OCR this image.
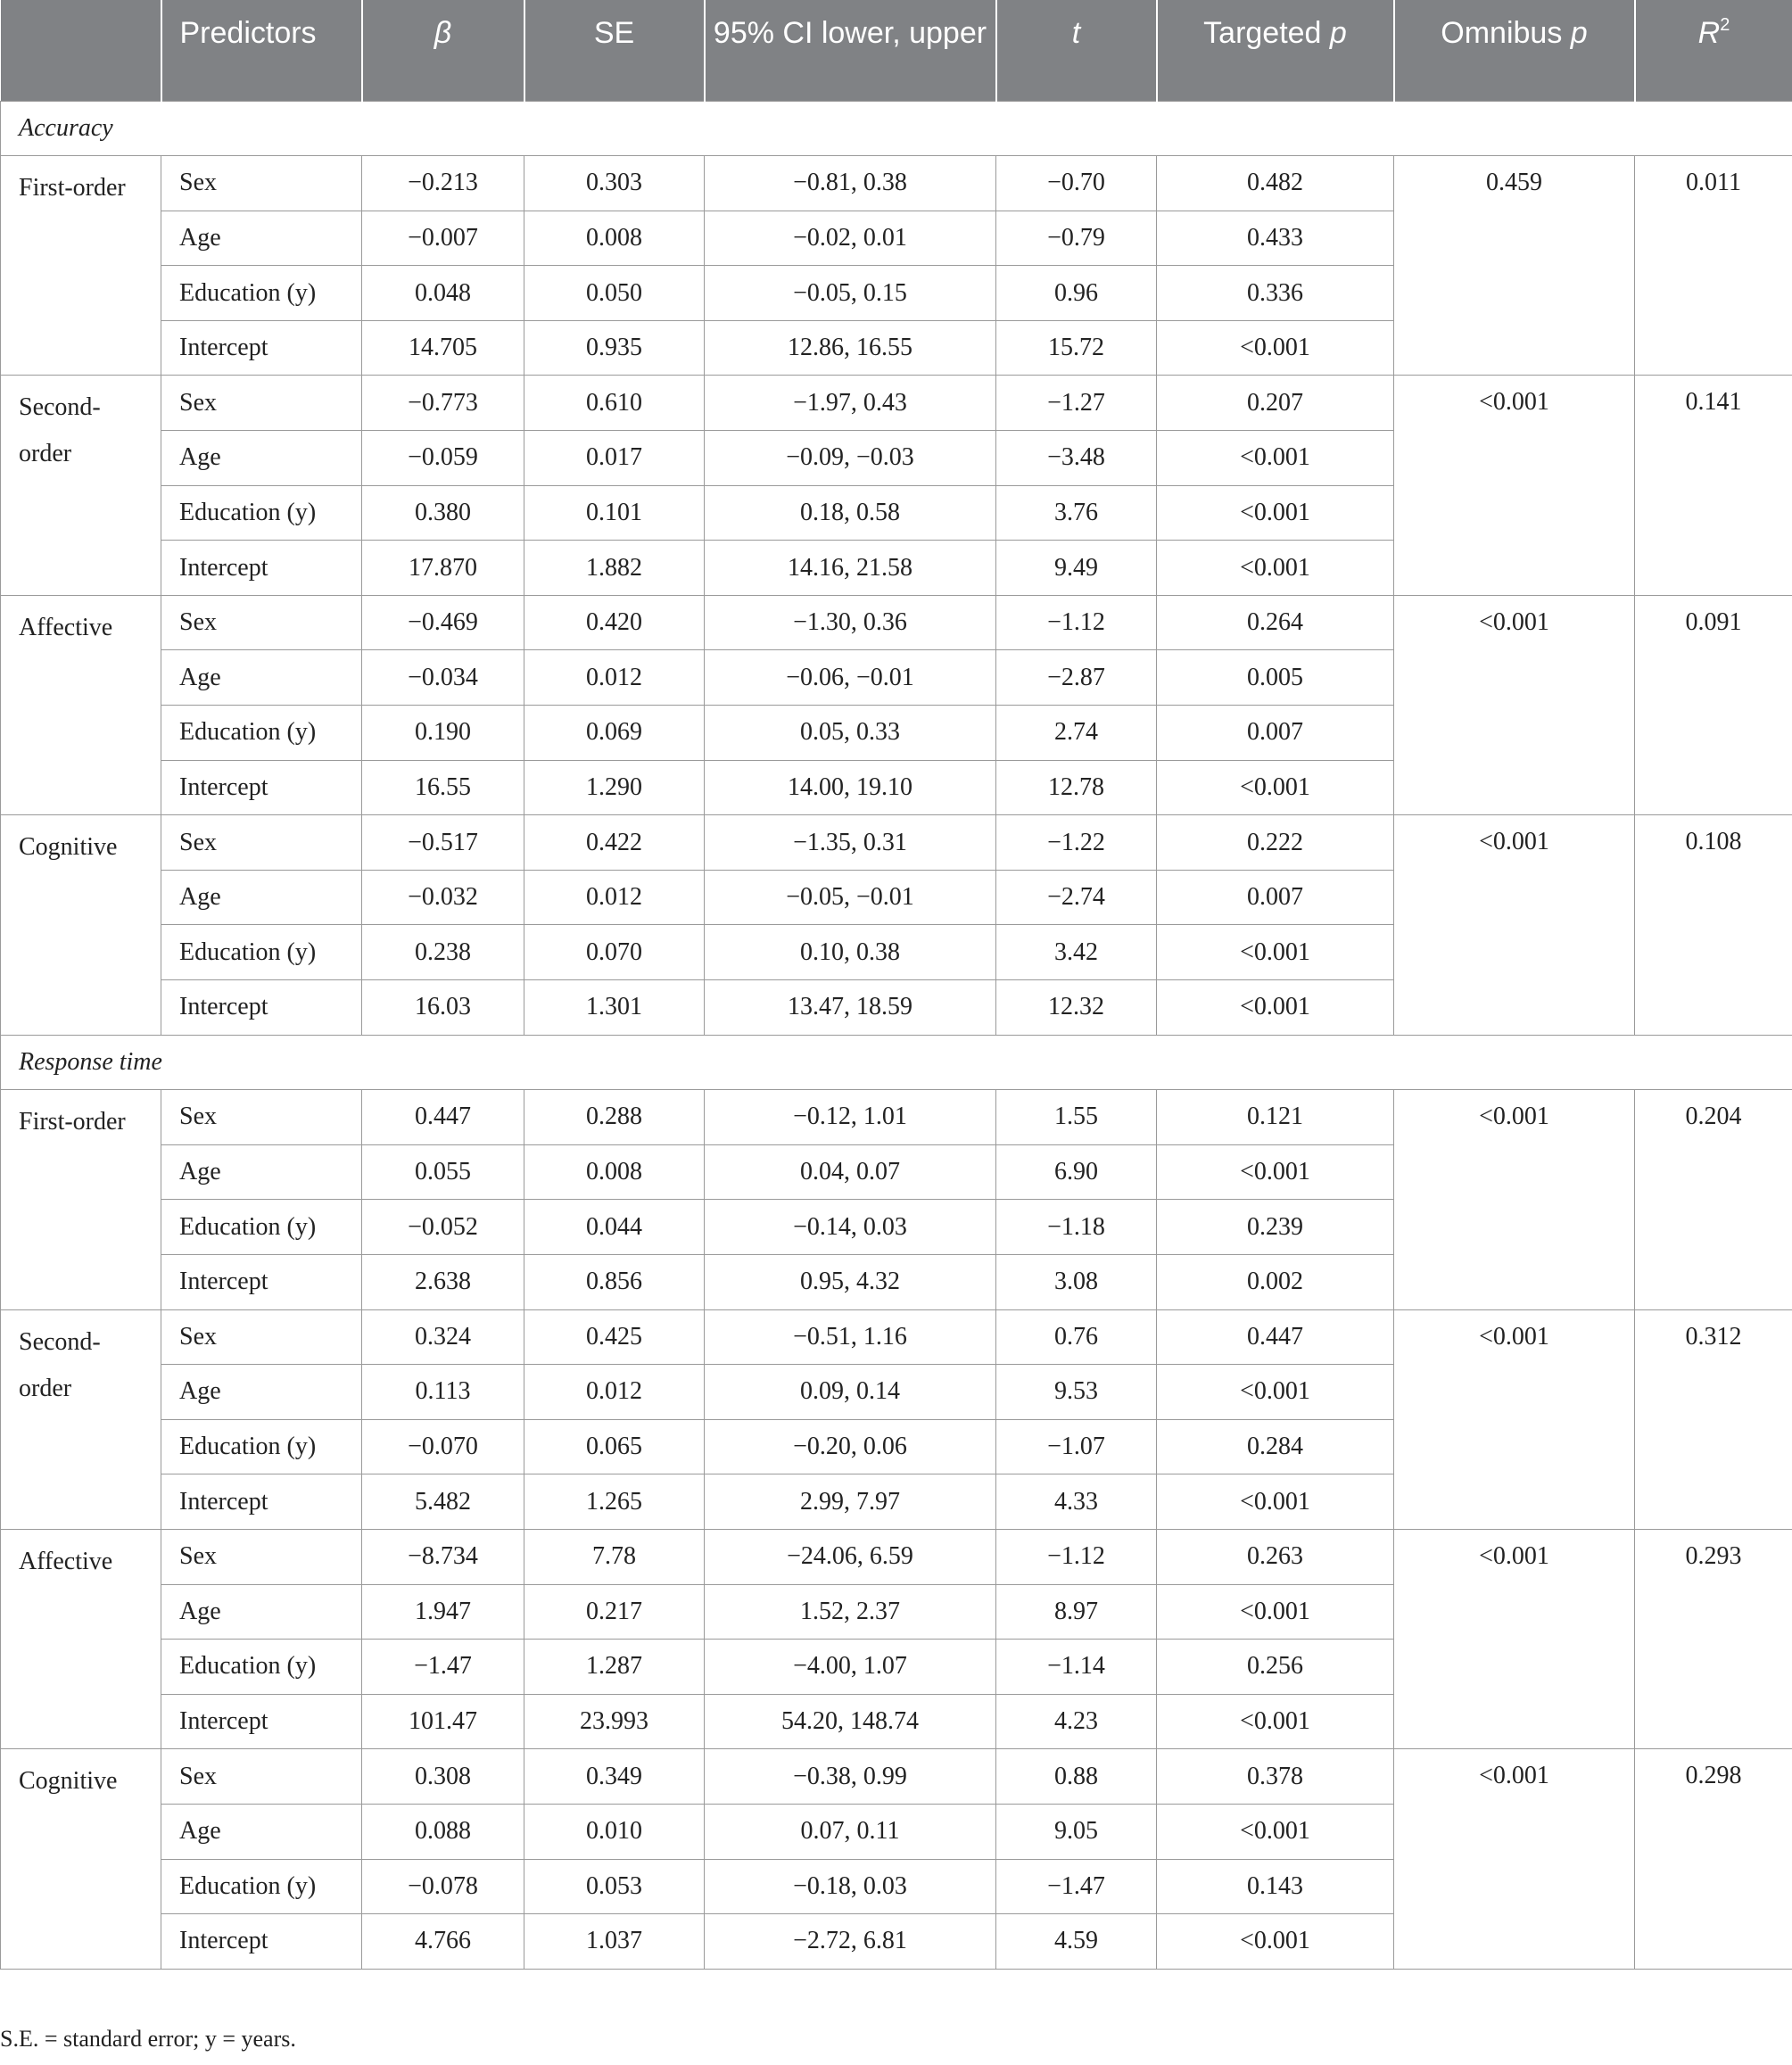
	Predictors	β	SE	95% CI lower, upper	t	Targeted p	Omnibus p	$R^2$
Accuracy								
First-order	Sex	−0.213	0.303	−0.81, 0.38	−0.70	0.482	0.459	0.011
	Age	−0.007	0.008	−0.02, 0.01	−0.79	0.433		
	Education (y)	0.048	0.050	−0.05, 0.15	0.96	0.336		
	Intercept	14.705	0.935	12.86, 16.55	15.72	<0.001		
Second-order	Sex	−0.773	0.610	−1.97, 0.43	−1.27	0.207	<0.001	0.141
	Age	−0.059	0.017	−0.09, −0.03	−3.48	<0.001		
	Education (y)	0.380	0.101	0.18, 0.58	3.76	<0.001		
	Intercept	17.870	1.882	14.16, 21.58	9.49	<0.001		
Affective	Sex	−0.469	0.420	−1.30, 0.36	−1.12	0.264	<0.001	0.091
	Age	−0.034	0.012	−0.06, −0.01	−2.87	0.005		
	Education (y)	0.190	0.069	0.05, 0.33	2.74	0.007		
	Intercept	16.55	1.290	14.00, 19.10	12.78	<0.001		
Cognitive	Sex	−0.517	0.422	−1.35, 0.31	−1.22	0.222	<0.001	0.108
	Age	−0.032	0.012	−0.05, −0.01	−2.74	0.007		
	Education (y)	0.238	0.070	0.10, 0.38	3.42	<0.001		
	Intercept	16.03	1.301	13.47, 18.59	12.32	<0.001		
Response time								
First-order	Sex	0.447	0.288	−0.12, 1.01	1.55	0.121	<0.001	0.204
	Age	0.055	0.008	0.04, 0.07	6.90	<0.001		
	Education (y)	−0.052	0.044	−0.14, 0.03	−1.18	0.239		
	Intercept	2.638	0.856	0.95, 4.32	3.08	0.002		
Second-order	Sex	0.324	0.425	−0.51, 1.16	0.76	0.447	<0.001	0.312
	Age	0.113	0.012	0.09, 0.14	9.53	<0.001		
	Education (y)	−0.070	0.065	−0.20, 0.06	−1.07	0.284		
	Intercept	5.482	1.265	2.99, 7.97	4.33	<0.001		
Affective	Sex	−8.734	7.78	−24.06, 6.59	−1.12	0.263	<0.001	0.293
	Age	1.947	0.217	1.52, 2.37	8.97	<0.001		
	Education (y)	−1.47	1.287	−4.00, 1.07	−1.14	0.256		
	Intercept	101.47	23.993	54.20, 148.74	4.23	<0.001		
Cognitive	Sex	0.308	0.349	−0.38, 0.99	0.88	0.378	<0.001	0.298
	Age	0.088	0.010	0.07, 0.11	9.05	<0.001		
	Education (y)	−0.078	0.053	−0.18, 0.03	−1.47	0.143		
	Intercept	4.766	1.037	−2.72, 6.81	4.59	<0.001		
S.E. = standard error; y = years.
